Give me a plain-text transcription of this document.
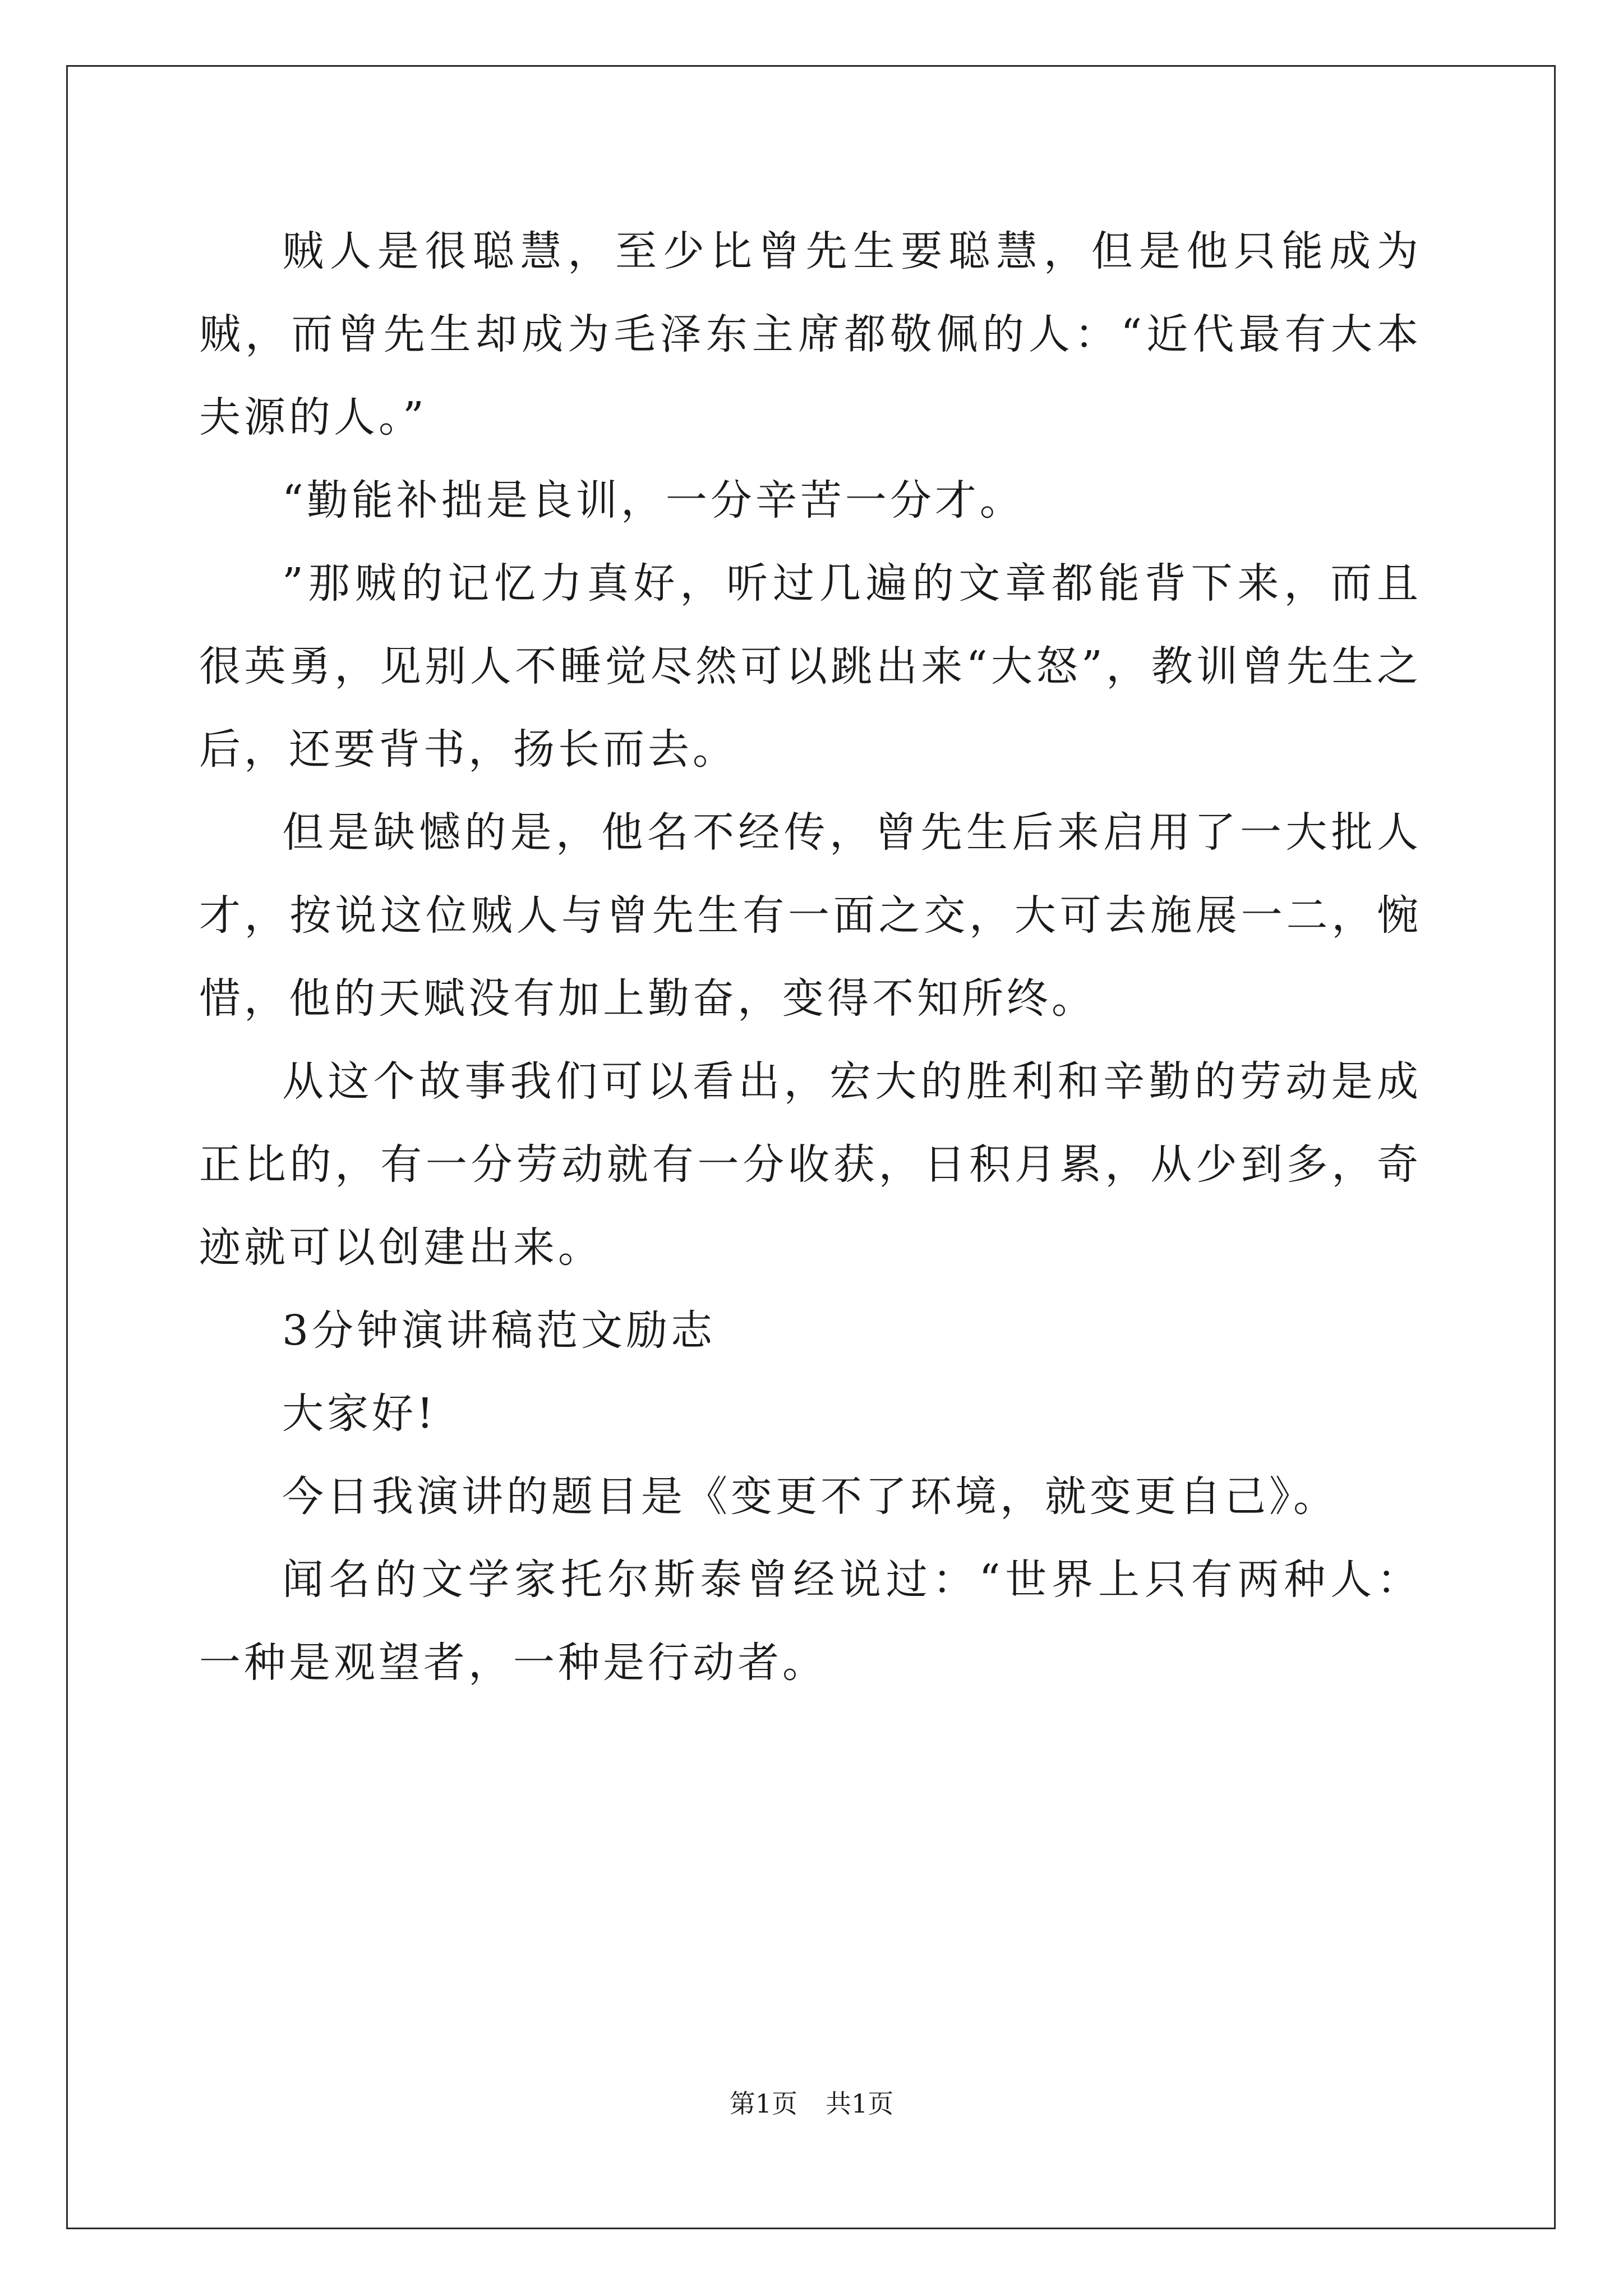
贼人是很聪慧，至少比曾先生要聪慧，但是他只能成为贼，而曾先生却成为毛泽东主席都敬佩的人：“近代最有大本夫源的人。”

“勤能补拙是良训，一分辛苦一分才。

”那贼的记忆力真好，听过几遍的文章都能背下来，而且很英勇，见别人不睡觉尽然可以跳出来“大怒”，教训曾先生之后，还要背书，扬长而去。

但是缺憾的是，他名不经传，曾先生后来启用了一大批人才，按说这位贼人与曾先生有一面之交，大可去施展一二，惋惜，他的天赋没有加上勤奋，变得不知所终。

从这个故事我们可以看出，宏大的胜利和辛勤的劳动是成正比的，有一分劳动就有一分收获，日积月累，从少到多，奇迹就可以创建出来。

3分钟演讲稿范文励志

大家好!

今日我演讲的题目是《变更不了环境，就变更自己》。

闻名的文学家托尔斯泰曾经说过：“世界上只有两种人：一种是观望者，一种是行动者。

第1页 共1页
